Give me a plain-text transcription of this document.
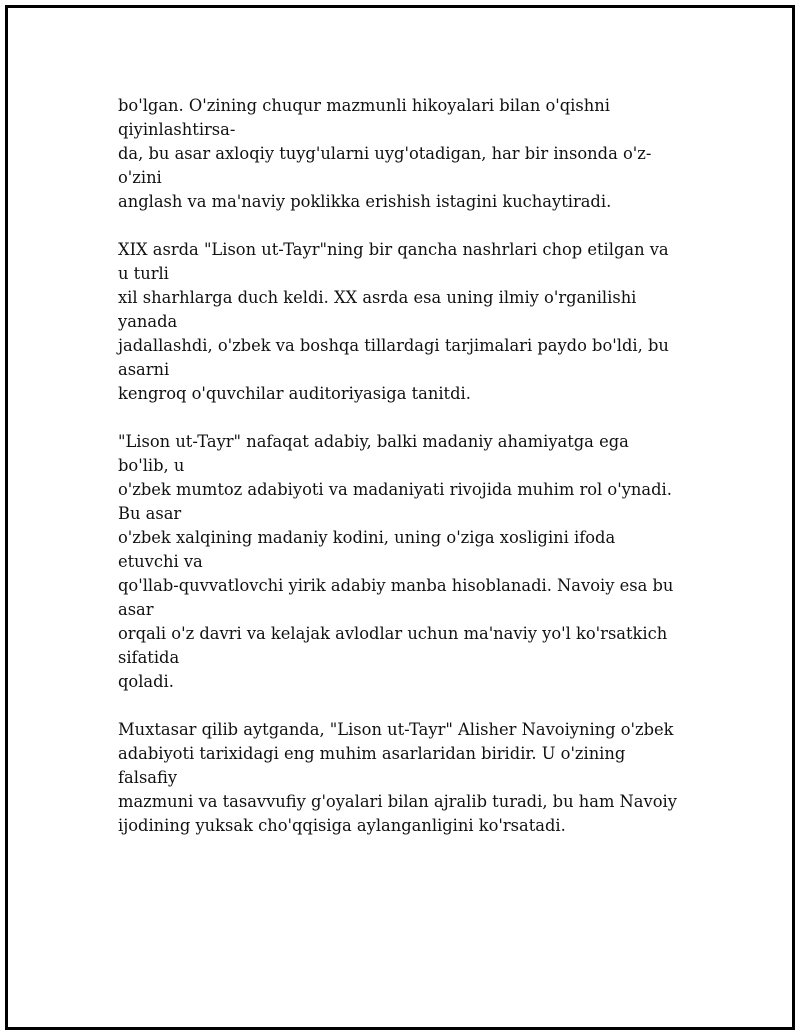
bo'lgan. O'zining chuqur mazmunli hikoyalari bilan o'qishni qiyinlashtirsa-
da, bu asar axloqiy tuyg'ularni uyg'otadigan, har bir insonda o'z-o'zini
anglash va ma'naviy poklikka erishish istagini kuchaytiradi.

XIX asrda "Lison ut-Tayr"ning bir qancha nashrlari chop etilgan va u turli
xil sharhlarga duch keldi. XX asrda esa uning ilmiy o'rganilishi yanada
jadallashdi, o'zbek va boshqa tillardagi tarjimalari paydo bo'ldi, bu asarni
kengroq o'quvchilar auditoriyasiga tanitdi.

"Lison ut-Tayr" nafaqat adabiy, balki madaniy ahamiyatga ega bo'lib, u
o'zbek mumtoz adabiyoti va madaniyati rivojida muhim rol o'ynadi. Bu asar
o'zbek xalqining madaniy kodini, uning o'ziga xosligini ifoda etuvchi va
qo'llab-quvvatlovchi yirik adabiy manba hisoblanadi. Navoiy esa bu asar
orqali o'z davri va kelajak avlodlar uchun ma'naviy yo'l ko'rsatkich sifatida
qoladi.

Muxtasar qilib aytganda, "Lison ut-Tayr" Alisher Navoiyning o'zbek
adabiyoti tarixidagi eng muhim asarlaridan biridir. U o'zining falsafiy
mazmuni va tasavvufiy g'oyalari bilan ajralib turadi, bu ham Navoiy
ijodining yuksak cho'qqisiga aylanganligini ko'rsatadi.
